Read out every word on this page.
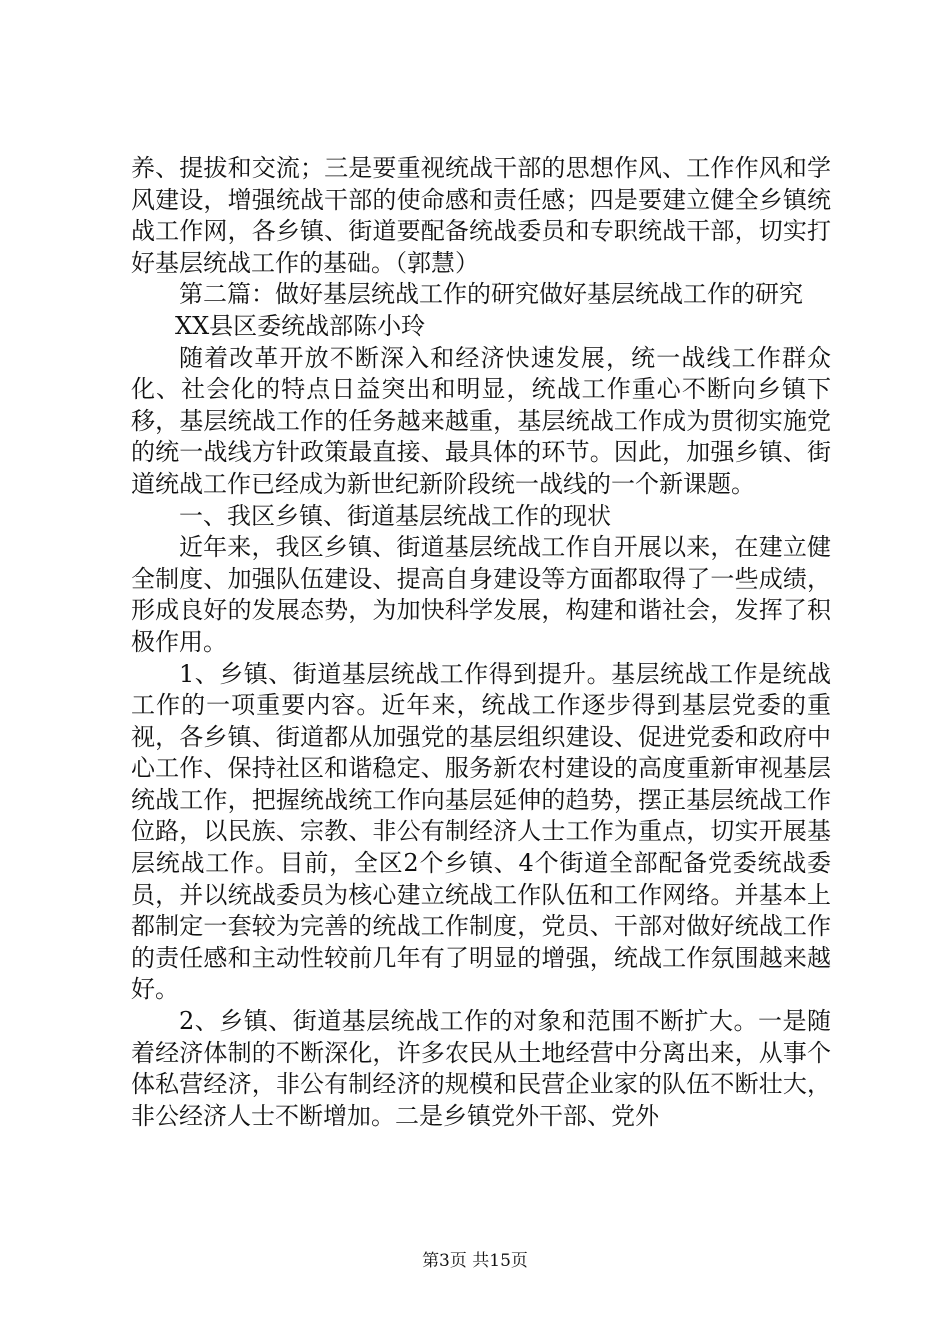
养、提拔和交流；三是要重视统战干部的思想作风、工作作风和学风建设，增强统战干部的使命感和责任感；四是要建立健全乡镇统战工作网，各乡镇、街道要配备统战委员和专职统战干部，切实打好基层统战工作的基础。（郭慧）

第二篇：做好基层统战工作的研究做好基层统战工作的研究

XX县区委统战部陈小玲

随着改革开放不断深入和经济快速发展，统一战线工作群众化、社会化的特点日益突出和明显，统战工作重心不断向乡镇下移，基层统战工作的任务越来越重，基层统战工作成为贯彻实施党的统一战线方针政策最直接、最具体的环节。因此，加强乡镇、街道统战工作已经成为新世纪新阶段统一战线的一个新课题。

一、我区乡镇、街道基层统战工作的现状

近年来，我区乡镇、街道基层统战工作自开展以来，在建立健全制度、加强队伍建设、提高自身建设等方面都取得了一些成绩，形成良好的发展态势，为加快科学发展，构建和谐社会，发挥了积极作用。

1、乡镇、街道基层统战工作得到提升。基层统战工作是统战工作的一项重要内容。近年来，统战工作逐步得到基层党委的重视，各乡镇、街道都从加强党的基层组织建设、促进党委和政府中心工作、保持社区和谐稳定、服务新农村建设的高度重新审视基层统战工作，把握统战统工作向基层延伸的趋势，摆正基层统战工作位路，以民族、宗教、非公有制经济人士工作为重点，切实开展基层统战工作。目前，全区2个乡镇、4个街道全部配备党委统战委员，并以统战委员为核心建立统战工作队伍和工作网络。并基本上都制定一套较为完善的统战工作制度，党员、干部对做好统战工作的责任感和主动性较前几年有了明显的增强，统战工作氛围越来越好。

2、乡镇、街道基层统战工作的对象和范围不断扩大。一是随着经济体制的不断深化，许多农民从土地经营中分离出来，从事个体私营经济，非公有制经济的规模和民营企业家的队伍不断壮大，非公经济人士不断增加。二是乡镇党外干部、党外

第3页 共15页
